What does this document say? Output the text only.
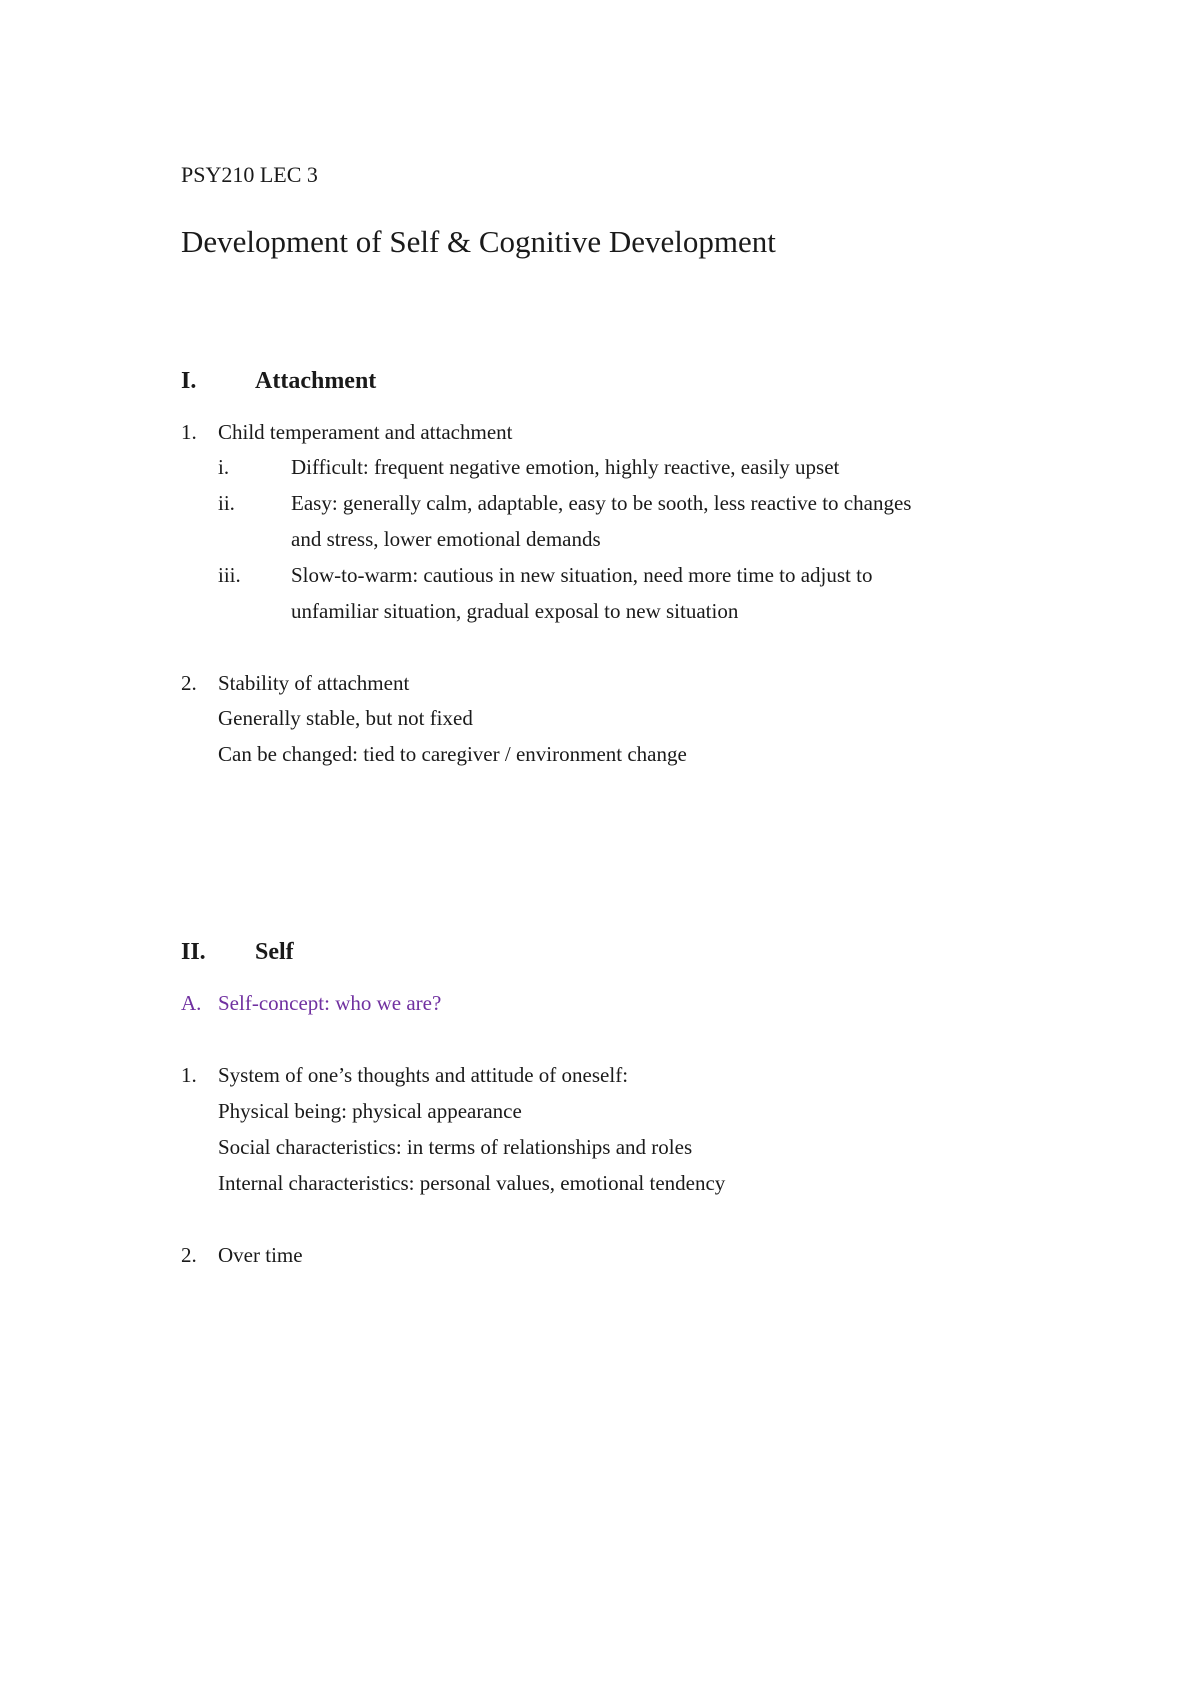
PSY210 LEC 3
Development of Self & Cognitive Development
I. Attachment
1. Child temperament and attachment
i.	Difficult: frequent negative emotion, highly reactive, easily upset
ii.	Easy: generally calm, adaptable, easy to be sooth, less reactive to changes
and stress, lower emotional demands
iii. Slow-to-warm: cautious in new situation, need more time to adjust to
unfamiliar situation, gradual exposal to new situation
2. Stability of attachment
Generally stable, but not fixed
Can be changed: tied to caregiver / environment change
II. Self
A. Self-concept: who we are?
1. System of one’s thoughts and attitude of oneself:
Physical being: physical appearance
Social characteristics: in terms of relationships and roles
Internal characteristics: personal values, emotional tendency
2. Over time
